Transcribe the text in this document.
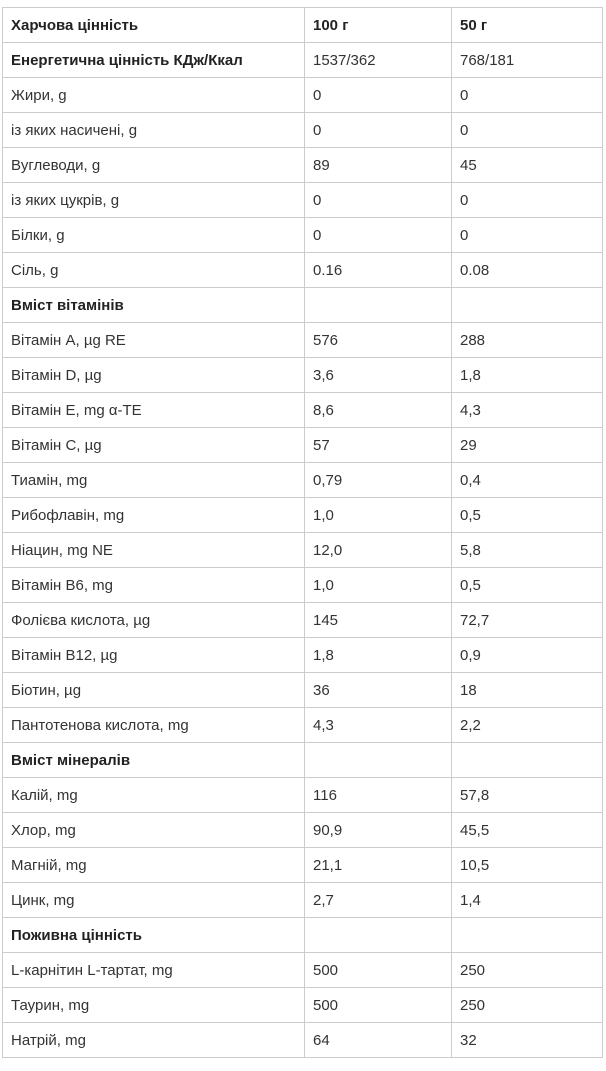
Харчова цінність	100 г	50 г
Енергетична цінність КДж/Ккал	1537/362	768/181
Жири, g	0	0
із яких насичені, g	0	0
Вуглеводи, g	89	45
із яких цукрів, g	0	0
Білки, g	0	0
Сіль, g	0.16	0.08
Вміст вітамінів		
Вітамін А, µg RE	576	288
Вітамін D, µg	3,6	1,8
Вітамін E, mg α-TE	8,6	4,3
Вітамін C, µg	57	29
Тиамін, mg	0,79	0,4
Рибофлавін, mg	1,0	0,5
Ніацин, mg NE	12,0	5,8
Вітамін B6, mg	1,0	0,5
Фолієва кислота, µg	145	72,7
Вітамін B12, µg	1,8	0,9
Біотин, µg	36	18
Пантотенова кислота, mg	4,3	2,2
Вміст мінералів		
Калій, mg	116	57,8
Хлор, mg	90,9	45,5
Магній, mg	21,1	10,5
Цинк, mg	2,7	1,4
Поживна цінність		
L-карнітин L-тартат, mg	500	250
Таурин, mg	500	250
Натрій, mg	64	32
